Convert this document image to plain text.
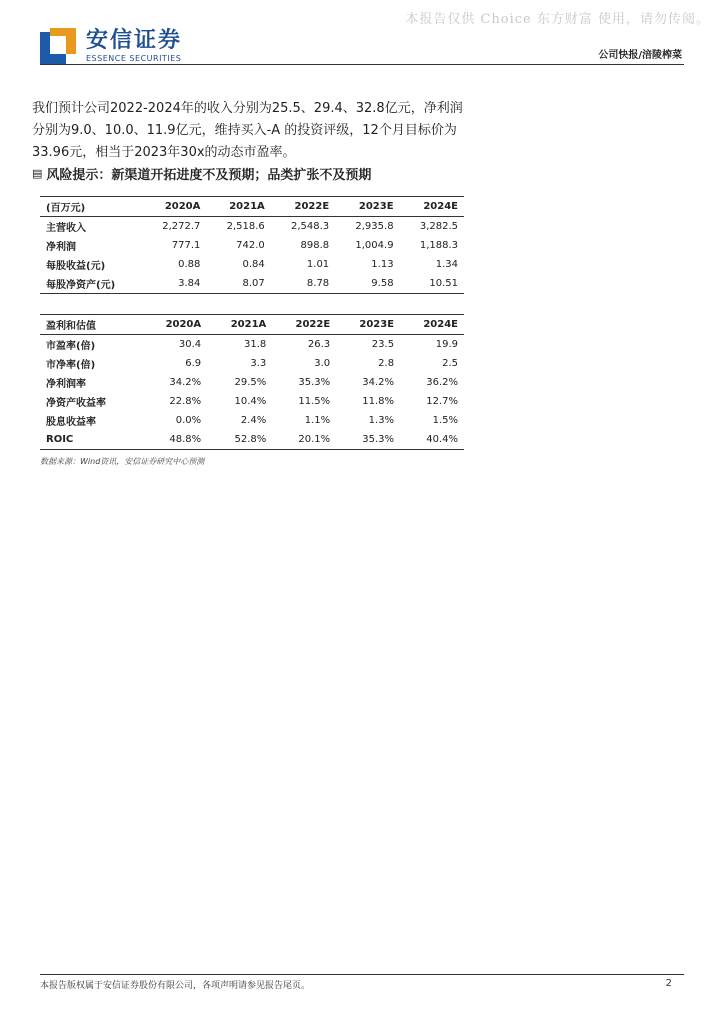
本报告仅供 Choice 东方财富 使用，请勿传阅。
安信证券
ESSENCE SECURITIES	公司快报/涪陵榨菜
我们预计公司2022-2024年的收入分别为25.5、29.4、32.8亿元，净利润分别为9.0、10.0、11.9亿元，维持买入-A 的投资评级，12个月目标价为33.96元，相当于2023年30x的动态市盈率。
▤ 风险提示：新渠道开拓进度不及预期；品类扩张不及预期
(百万元)	2020A	2021A	2022E	2023E	2024E
主营收入	2,272.7	2,518.6	2,548.3	2,935.8	3,282.5
净利润	777.1	742.0	898.8	1,004.9	1,188.3
每股收益(元)	0.88	0.84	1.01	1.13	1.34
每股净资产(元)	3.84	8.07	8.78	9.58	10.51
盈利和估值	2020A	2021A	2022E	2023E	2024E
市盈率(倍)	30.4	31.8	26.3	23.5	19.9
市净率(倍)	6.9	3.3	3.0	2.8	2.5
净利润率	34.2%	29.5%	35.3%	34.2%	36.2%
净资产收益率	22.8%	10.4%	11.5%	11.8%	12.7%
股息收益率	0.0%	2.4%	1.1%	1.3%	1.5%
ROIC	48.8%	52.8%	20.1%	35.3%	40.4%
数据来源：Wind资讯，安信证券研究中心预测
本报告版权属于安信证券股份有限公司，各项声明请参见报告尾页。	2
